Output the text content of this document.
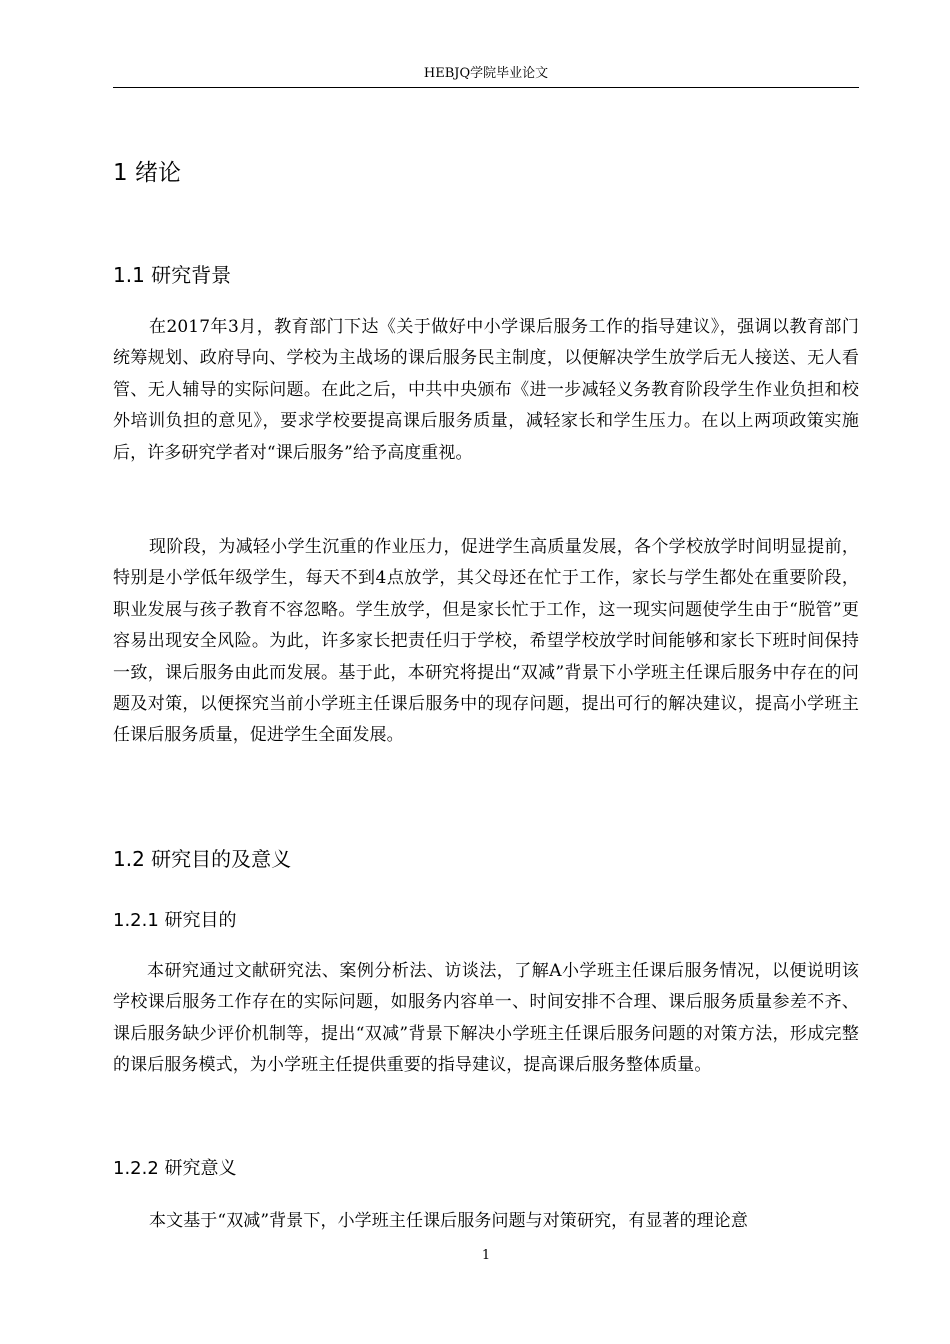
HEBJQ学院毕业论文
1 绪论
1.1 研究背景

在2017年3月，教育部门下达《关于做好中小学课后服务工作的指导建议》，强调以教育部门统筹规划、政府导向、学校为主战场的课后服务民主制度，以便解决学生放学后无人接送、无人看管、无人辅导的实际问题。在此之后，中共中央颁布《进一步减轻义务教育阶段学生作业负担和校外培训负担的意见》，要求学校要提高课后服务质量，减轻家长和学生压力。在以上两项政策实施后，许多研究学者对“课后服务”给予高度重视。

现阶段，为减轻小学生沉重的作业压力，促进学生高质量发展，各个学校放学时间明显提前，特别是小学低年级学生，每天不到4点放学，其父母还在忙于工作，家长与学生都处在重要阶段，职业发展与孩子教育不容忽略。学生放学，但是家长忙于工作，这一现实问题使学生由于“脱管”更容易出现安全风险。为此，许多家长把责任归于学校，希望学校放学时间能够和家长下班时间保持一致，课后服务由此而发展。基于此，本研究将提出“双减”背景下小学班主任课后服务中存在的问题及对策，以便探究当前小学班主任课后服务中的现存问题，提出可行的解决建议，提高小学班主任课后服务质量，促进学生全面发展。

1.2 研究目的及意义
1.2.1 研究目的

本研究通过文献研究法、案例分析法、访谈法，了解A小学班主任课后服务情况，以便说明该学校课后服务工作存在的实际问题，如服务内容单一、时间安排不合理、课后服务质量参差不齐、课后服务缺少评价机制等，提出“双减”背景下解决小学班主任课后服务问题的对策方法，形成完整的课后服务模式，为小学班主任提供重要的指导建议，提高课后服务整体质量。

1.2.2 研究意义

本文基于“双减”背景下，小学班主任课后服务问题与对策研究，有显著的理论意

1
